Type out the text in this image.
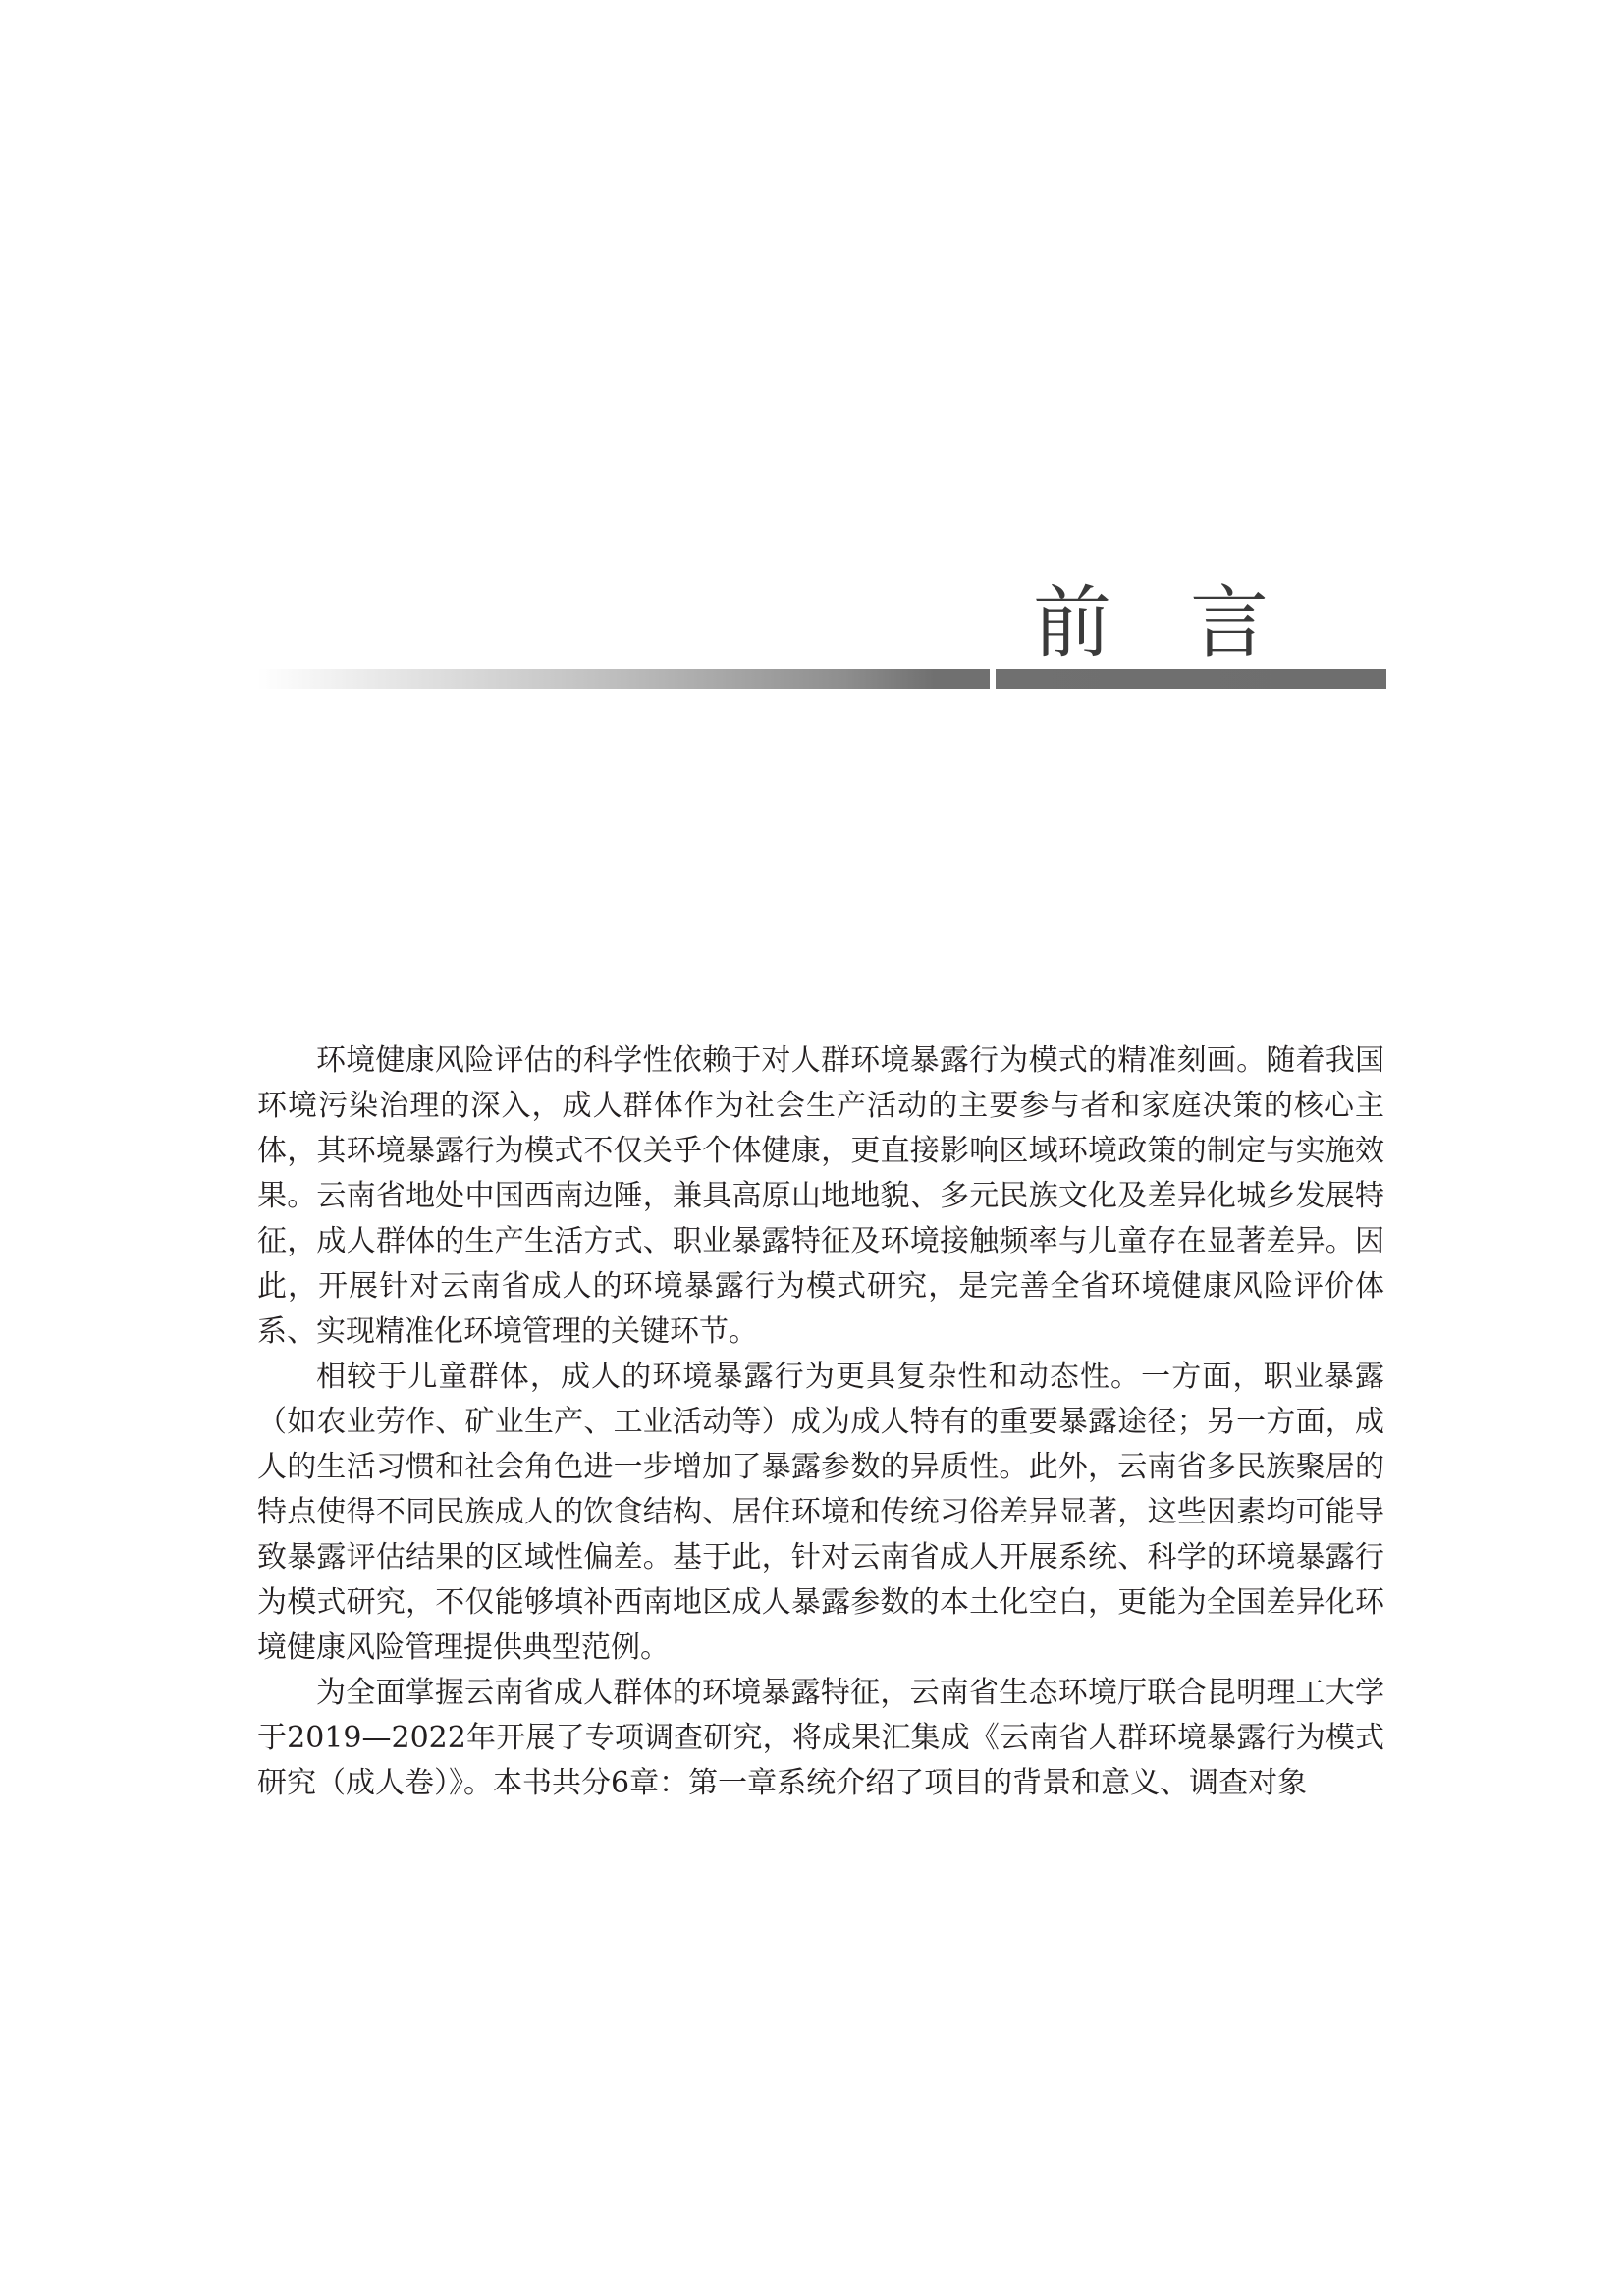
前言

环境健康风险评估的科学性依赖于对人群环境暴露行为模式的精准刻画。随着我国环境污染治理的深入，成人群体作为社会生产活动的主要参与者和家庭决策的核心主体，其环境暴露行为模式不仅关乎个体健康，更直接影响区域环境政策的制定与实施效果。云南省地处中国西南边陲，兼具高原山地地貌、多元民族文化及差异化城乡发展特征，成人群体的生产生活方式、职业暴露特征及环境接触频率与儿童存在显著差异。因此，开展针对云南省成人的环境暴露行为模式研究，是完善全省环境健康风险评价体系、实现精准化环境管理的关键环节。

相较于儿童群体，成人的环境暴露行为更具复杂性和动态性。一方面，职业暴露（如农业劳作、矿业生产、工业活动等）成为成人特有的重要暴露途径；另一方面，成人的生活习惯和社会角色进一步增加了暴露参数的异质性。此外，云南省多民族聚居的特点使得不同民族成人的饮食结构、居住环境和传统习俗差异显著，这些因素均可能导致暴露评估结果的区域性偏差。基于此，针对云南省成人开展系统、科学的环境暴露行为模式研究，不仅能够填补西南地区成人暴露参数的本土化空白，更能为全国差异化环境健康风险管理提供典型范例。

为全面掌握云南省成人群体的环境暴露特征，云南省生态环境厅联合昆明理工大学于2019—2022年开展了专项调查研究，将成果汇集成《云南省人群环境暴露行为模式研究（成人卷）》。本书共分6章：第一章系统介绍了项目的背景和意义、调查对象
